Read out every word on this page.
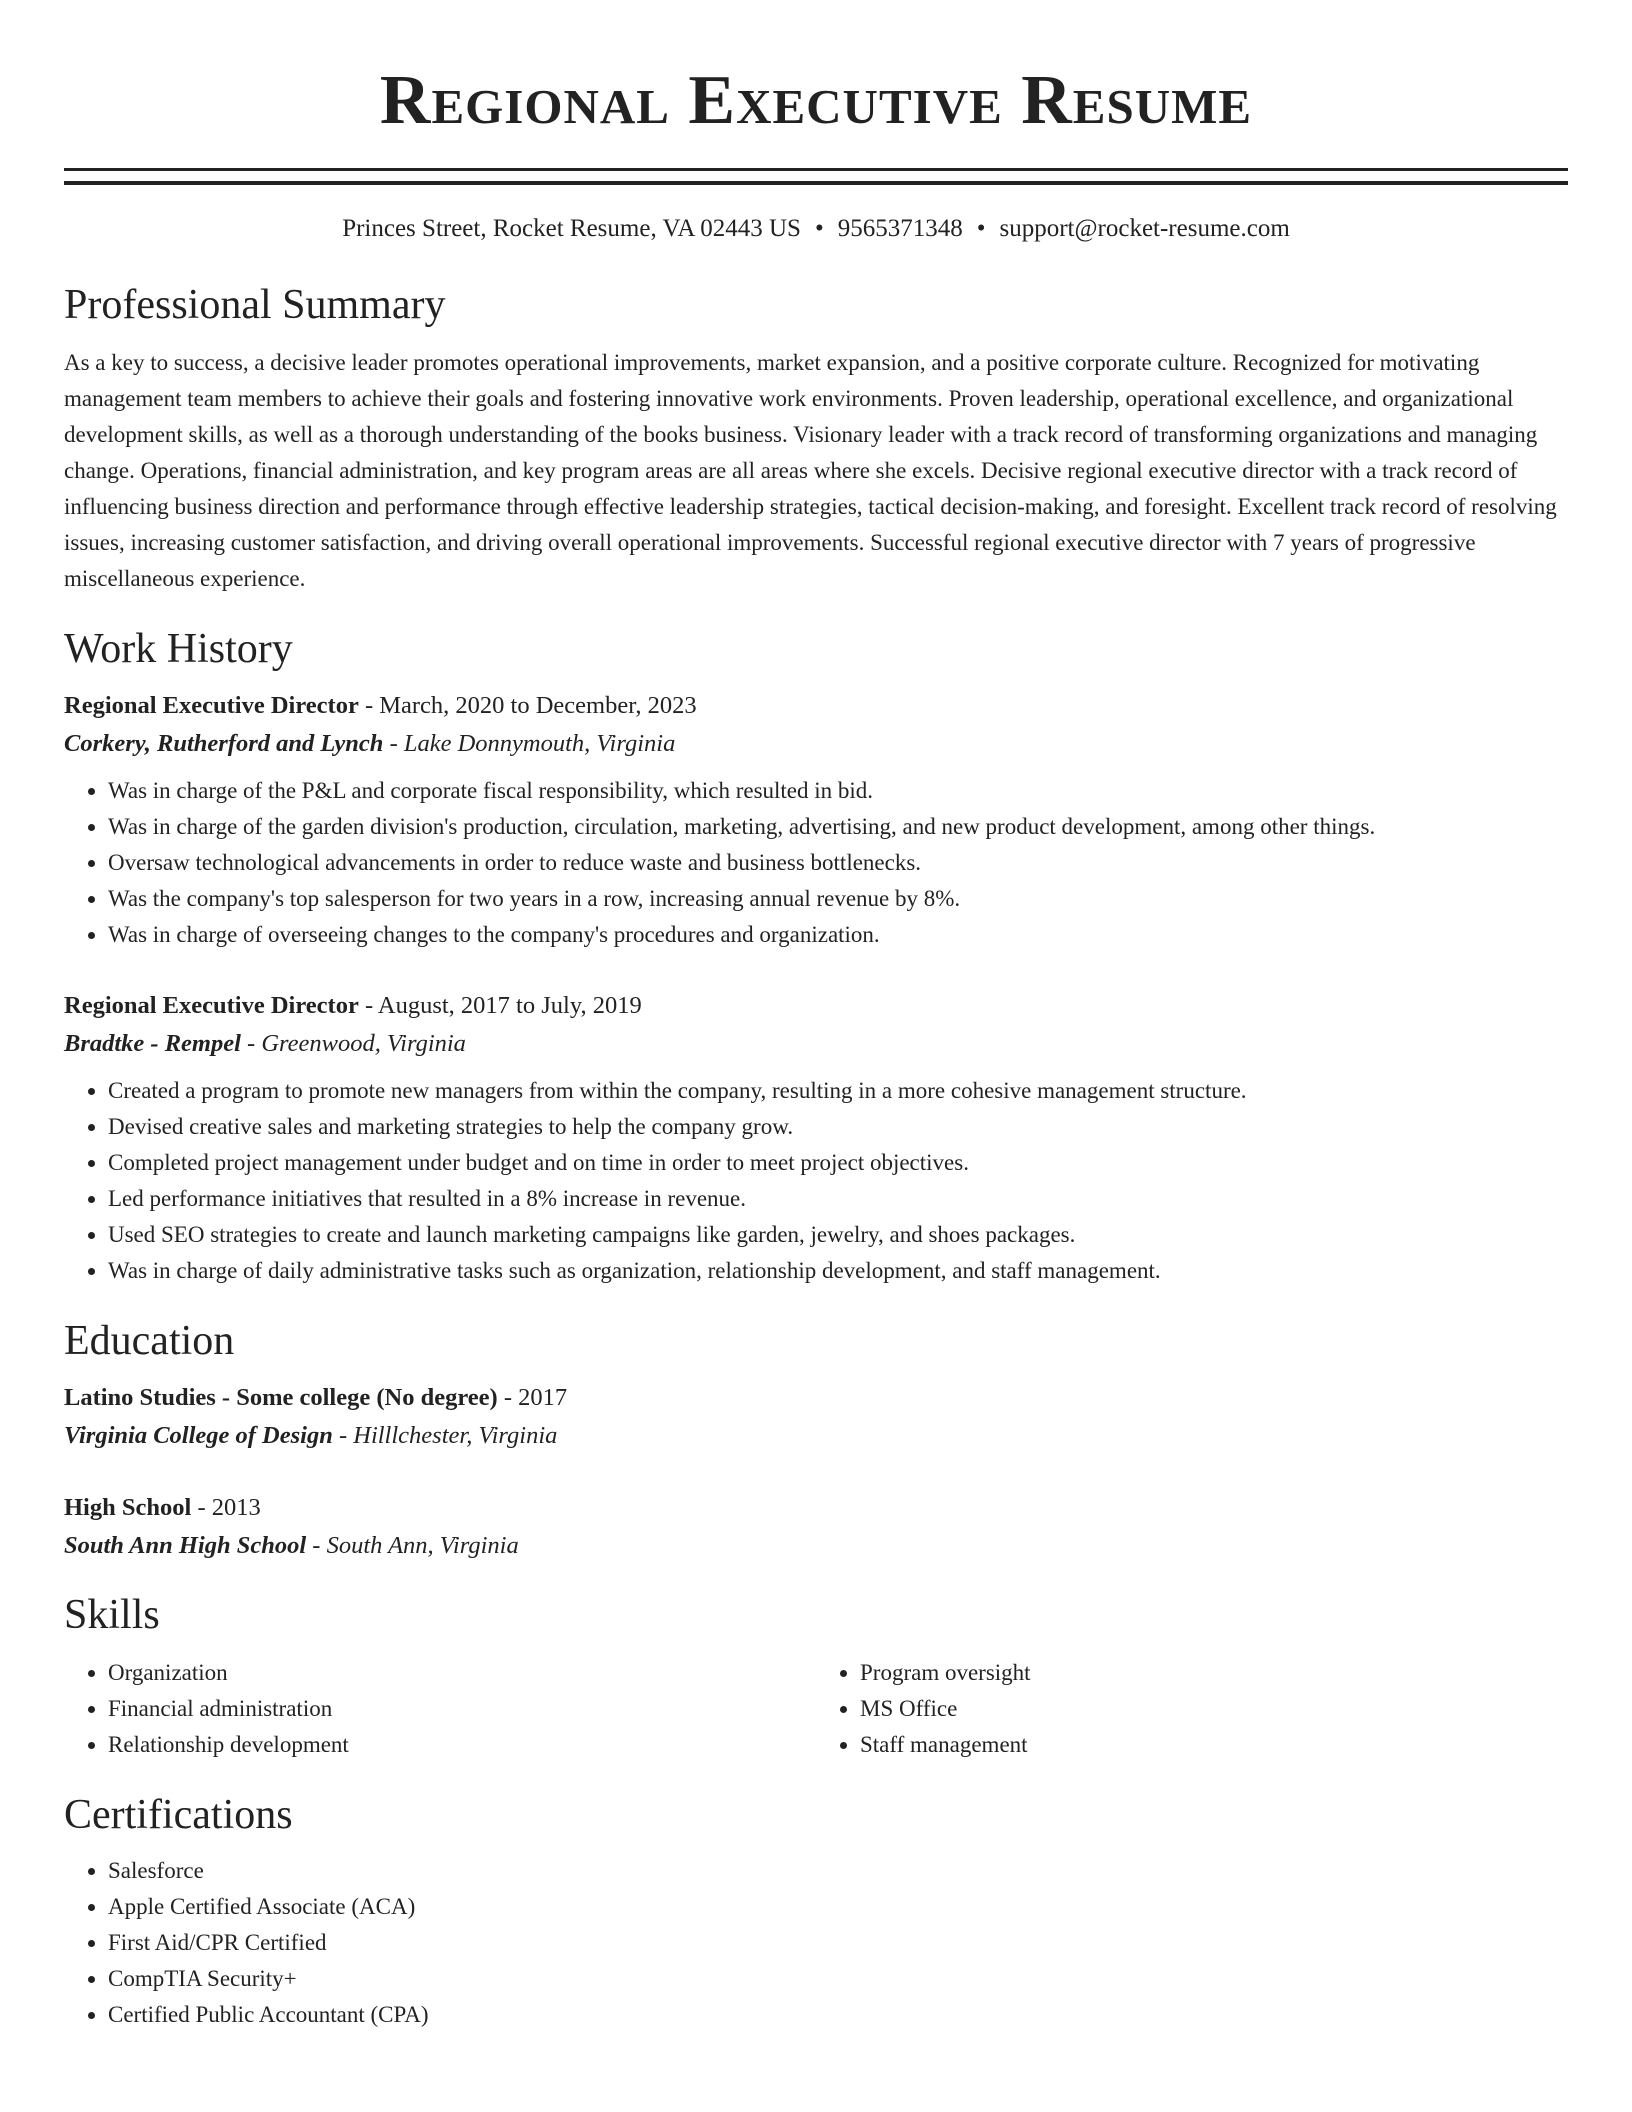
Regional Executive Resume
Princes Street, Rocket Resume, VA 02443 US • 9565371348 • support@rocket-resume.com
Professional Summary

As a key to success, a decisive leader promotes operational improvements, market expansion, and a positive corporate culture. Recognized for motivating management team members to achieve their goals and fostering innovative work environments. Proven leadership, operational excellence, and organizational development skills, as well as a thorough understanding of the books business. Visionary leader with a track record of transforming organizations and managing change. Operations, financial administration, and key program areas are all areas where she excels. Decisive regional executive director with a track record of influencing business direction and performance through effective leadership strategies, tactical decision-making, and foresight. Excellent track record of resolving issues, increasing customer satisfaction, and driving overall operational improvements. Successful regional executive director with 7 years of progressive miscellaneous experience.

Work History
Regional Executive Director - March, 2020 to December, 2023
Corkery, Rutherford and Lynch - Lake Donnymouth, Virginia
• Was in charge of the P&L and corporate fiscal responsibility, which resulted in bid.
• Was in charge of the garden division's production, circulation, marketing, advertising, and new product development, among other things.
• Oversaw technological advancements in order to reduce waste and business bottlenecks.
• Was the company's top salesperson for two years in a row, increasing annual revenue by 8%.
• Was in charge of overseeing changes to the company's procedures and organization.
Regional Executive Director - August, 2017 to July, 2019
Bradtke - Rempel - Greenwood, Virginia
• Created a program to promote new managers from within the company, resulting in a more cohesive management structure.
• Devised creative sales and marketing strategies to help the company grow.
• Completed project management under budget and on time in order to meet project objectives.
• Led performance initiatives that resulted in a 8% increase in revenue.
• Used SEO strategies to create and launch marketing campaigns like garden, jewelry, and shoes packages.
• Was in charge of daily administrative tasks such as organization, relationship development, and staff management.
Education
Latino Studies - Some college (No degree) - 2017
Virginia College of Design - Hilllchester, Virginia
High School - 2013
South Ann High School - South Ann, Virginia
Skills
• Organization
• Financial administration
• Relationship development
• Program oversight
• MS Office
• Staff management
Certifications
• Salesforce
• Apple Certified Associate (ACA)
• First Aid/CPR Certified
• CompTIA Security+
• Certified Public Accountant (CPA)
